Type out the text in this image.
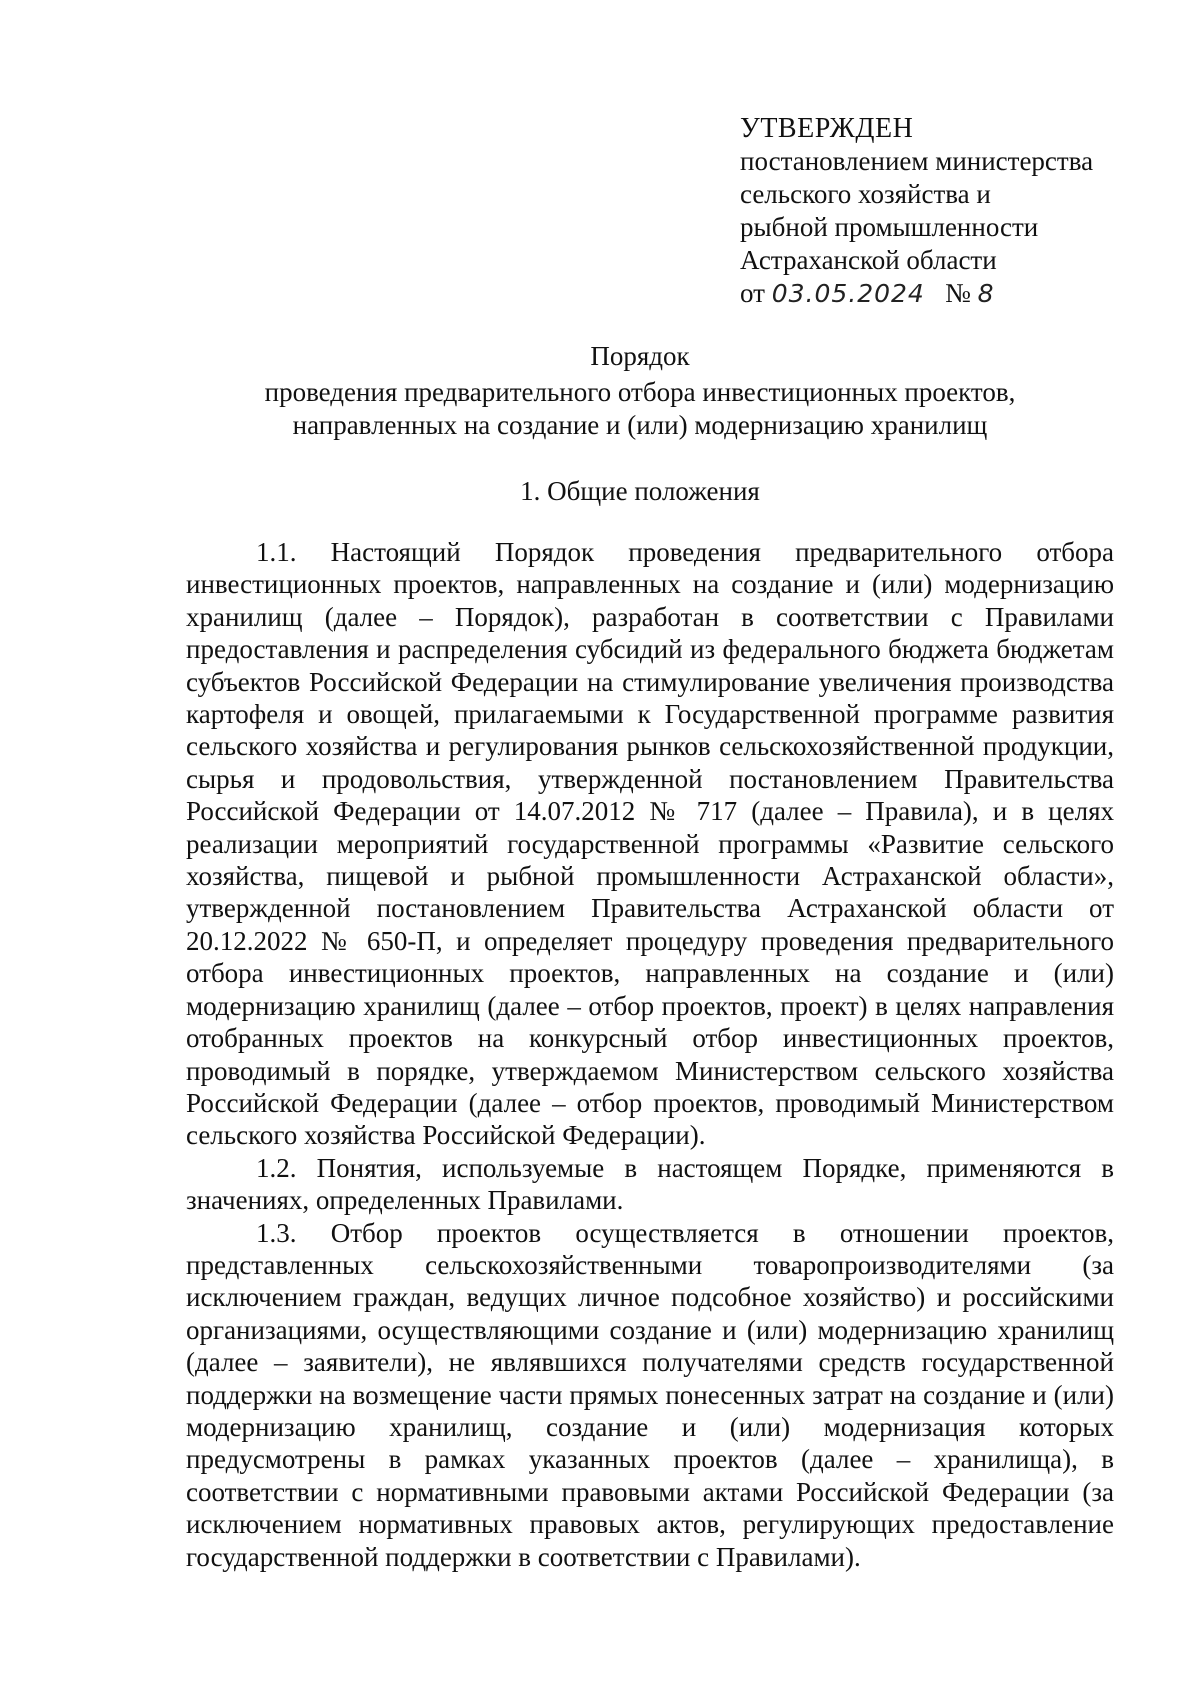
УТВЕРЖДЕН
постановлением министерства
сельского хозяйства и
рыбной промышленности
Астраханской области
от 03.05.2024 № 8
Порядок
проведения предварительного отбора инвестиционных проектов,
направленных на создание и (или) модернизацию хранилищ
1. Общие положения

1.1. Настоящий Порядок проведения предварительного отбора инвестиционных проектов, направленных на создание и (или) модернизацию хранилищ (далее – Порядок), разработан в соответствии с Правилами предоставления и распределения субсидий из федерального бюджета бюджетам субъектов Российской Федерации на стимулирование увеличения производства картофеля и овощей, прилагаемыми к Государственной программе развития сельского хозяйства и регулирования рынков сельскохозяйственной продукции, сырья и продовольствия, утвержденной постановлением Правительства Российской Федерации от 14.07.2012 № 717 (далее – Правила), и в целях реализации мероприятий государственной программы «Развитие сельского хозяйства, пищевой и рыбной промышленности Астраханской области», утвержденной постановлением Правительства Астраханской области от 20.12.2022 № 650-П, и определяет процедуру проведения предварительного отбора инвестиционных проектов, направленных на создание и (или) модернизацию хранилищ (далее – отбор проектов, проект) в целях направления отобранных проектов на конкурсный отбор инвестиционных проектов, проводимый в порядке, утверждаемом Министерством сельского хозяйства Российской Федерации (далее – отбор проектов, проводимый Министерством сельского хозяйства Российской Федерации).

1.2. Понятия, используемые в настоящем Порядке, применяются в значениях, определенных Правилами.

1.3. Отбор проектов осуществляется в отношении проектов, представленных сельскохозяйственными товаропроизводителями (за исключением граждан, ведущих личное подсобное хозяйство) и российскими организациями, осуществляющими создание и (или) модернизацию хранилищ (далее – заявители), не являвшихся получателями средств государственной поддержки на возмещение части прямых понесенных затрат на создание и (или) модернизацию хранилищ, создание и (или) модернизация которых предусмотрены в рамках указанных проектов (далее – хранилища), в соответствии с нормативными правовыми актами Российской Федерации (за исключением нормативных правовых актов, регулирующих предоставление государственной поддержки в соответствии с Правилами).
